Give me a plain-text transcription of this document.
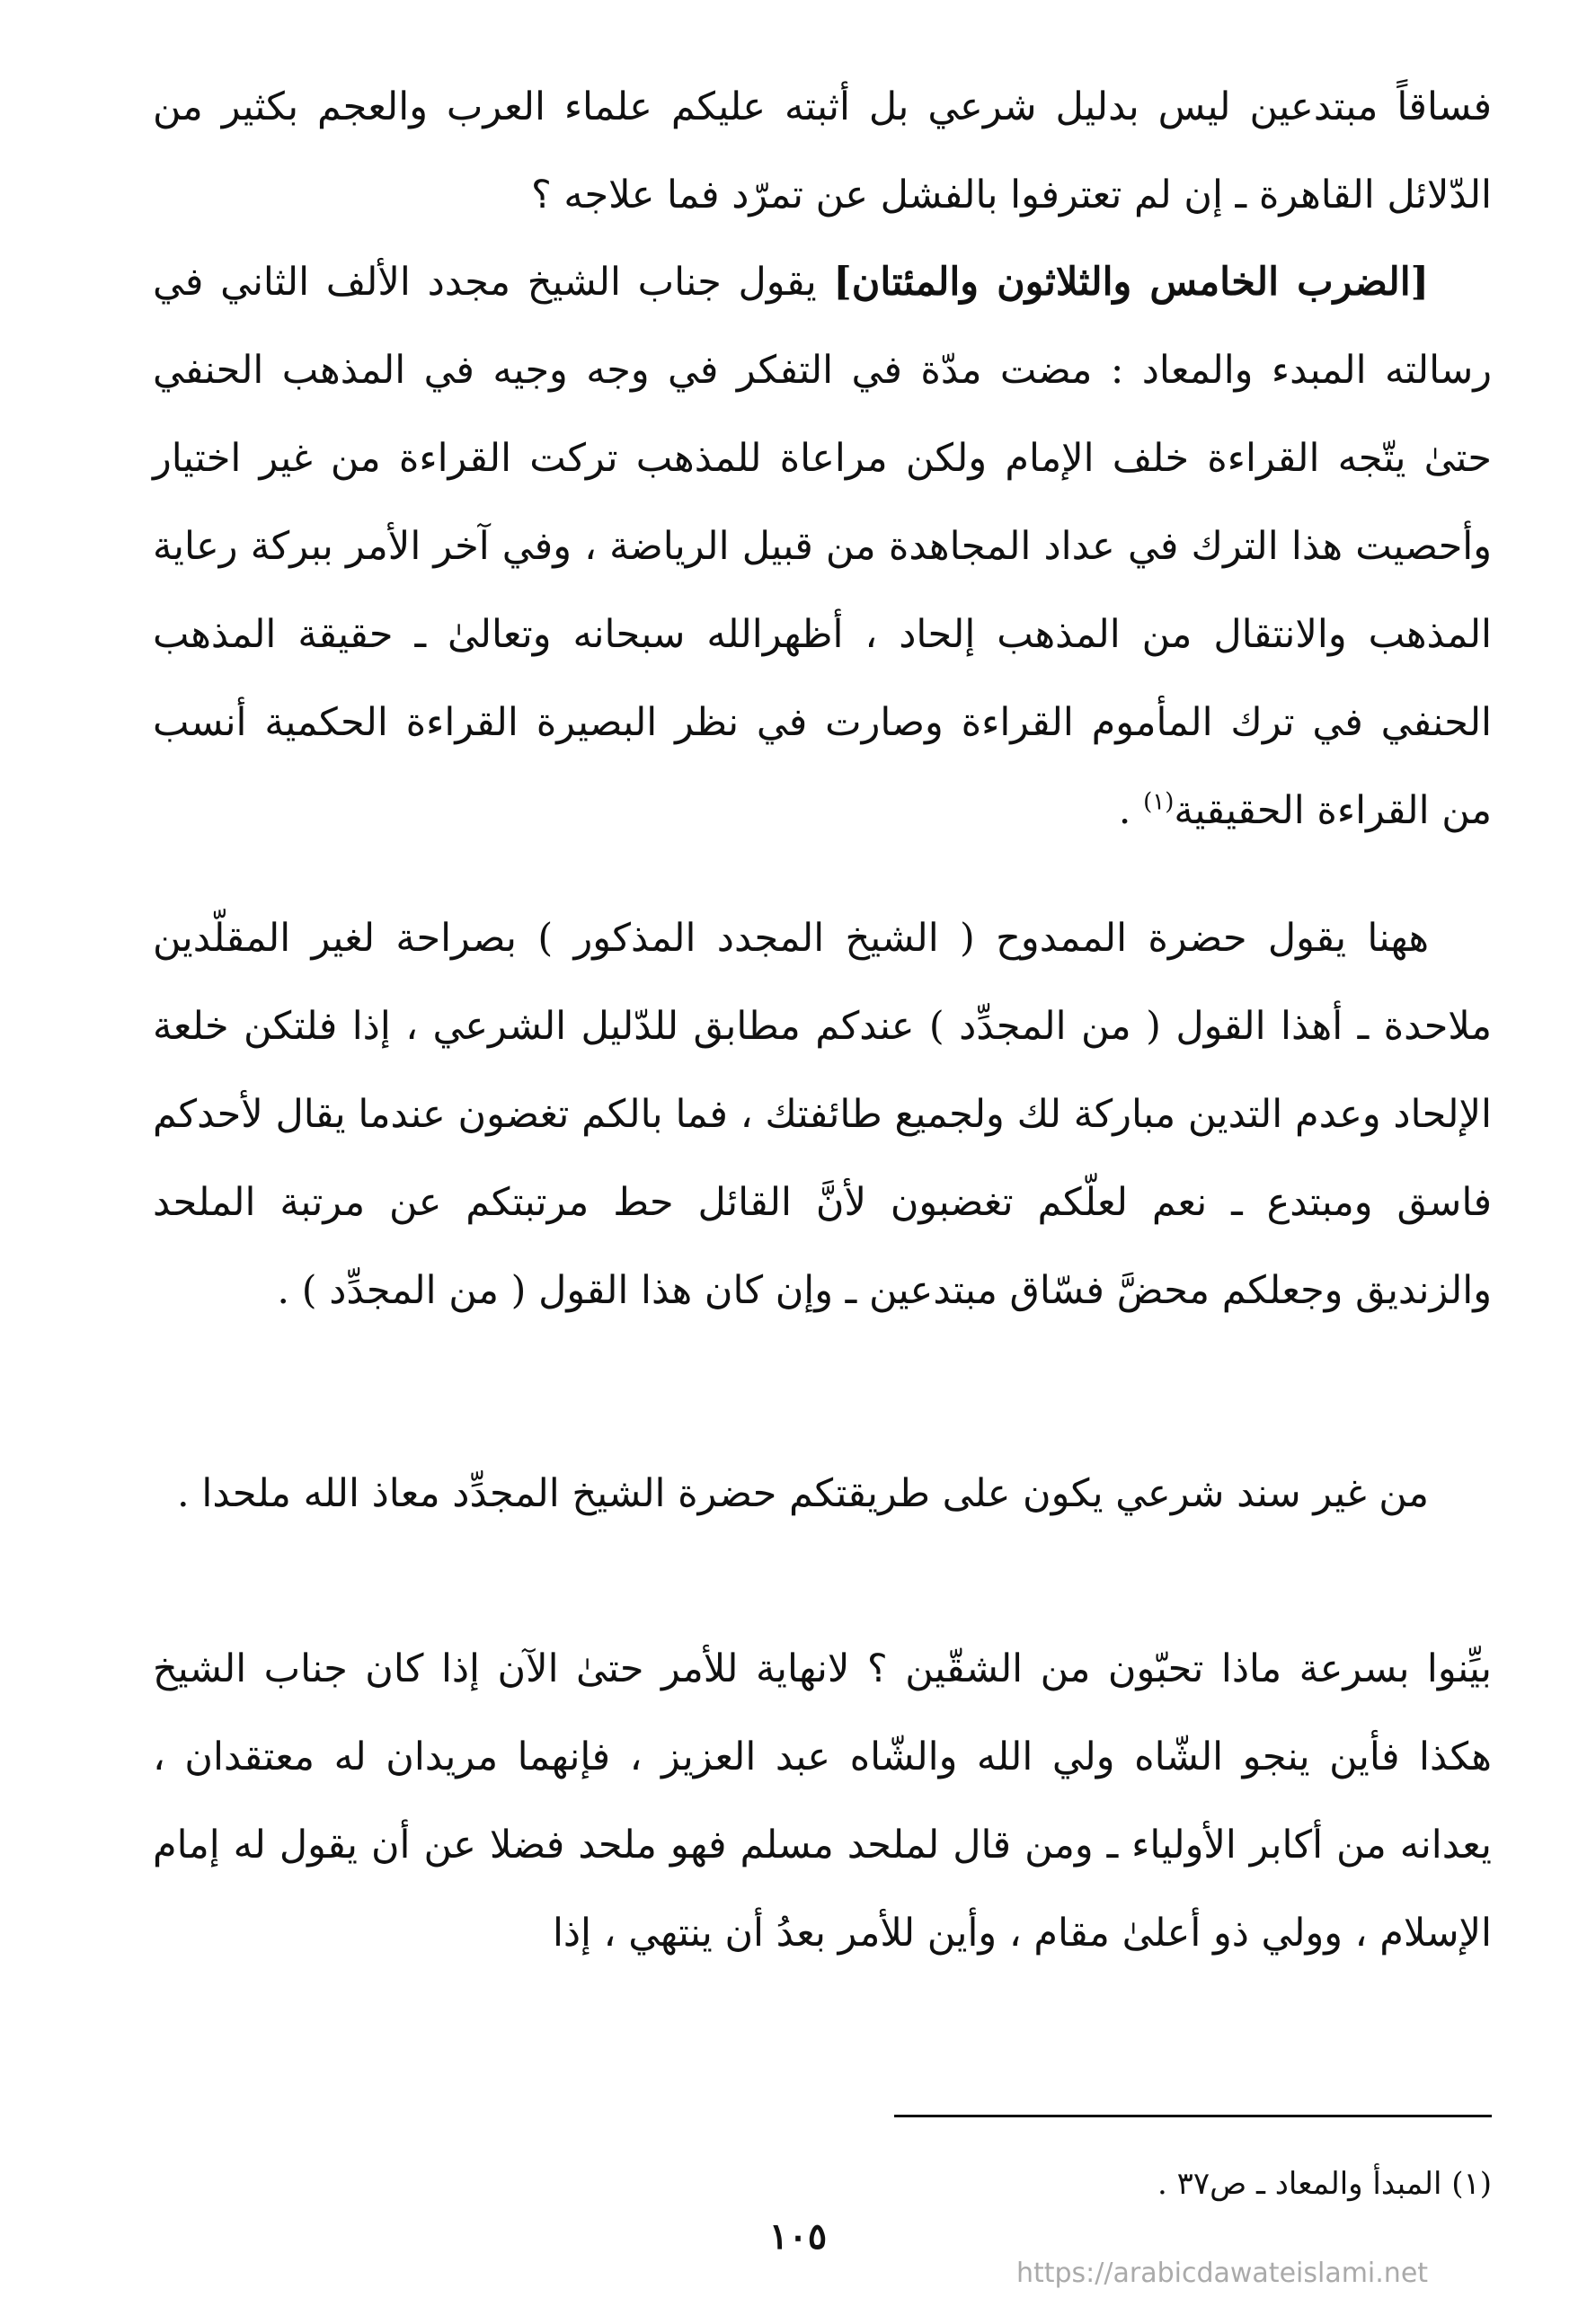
فساقاً مبتدعين ليس بدليل شرعي بل أثبته عليكم علماء العرب والعجم بكثير من الدّلائل القاهرة ـ إن لم تعترفوا بالفشل عن تمرّد فما علاجه ؟
[الضرب الخامس والثلاثون والمئتان] يقول جناب الشيخ مجدد الألف الثاني في رسالته المبدء والمعاد : مضت مدّة في التفكر في وجه وجيه في المذهب الحنفي حتىٰ يتّجه القراءة خلف الإمام ولكن مراعاة للمذهب تركت القراءة من غير اختيار وأحصيت هذا الترك في عداد المجاهدة من قبيل الرياضة ، وفي آخر الأمر ببركة رعاية المذهب والانتقال من المذهب إلحاد ، أظهرالله سبحانه وتعالىٰ ـ حقيقة المذهب الحنفي في ترك المأموم القراءة وصارت في نظر البصيرة القراءة الحكمية أنسب من القراءة الحقيقية$^{(١)}$ .
ههنا يقول حضرة الممدوح ( الشيخ المجدد المذكور ) بصراحة لغير المقلّدين ملاحدة ـ أهذا القول ( من المجدِّد ) عندكم مطابق للدّليل الشرعي ، إذا فلتكن خلعة الإلحاد وعدم التدين مباركة لك ولجميع طائفتك ، فما بالكم تغضون عندما يقال لأحدكم فاسق ومبتدع ـ نعم لعلّكم تغضبون لأنَّ القائل حط مرتبتكم عن مرتبة الملحد والزنديق وجعلكم محضَّ فسّاق مبتدعين ـ وإن كان هذا القول ( من المجدِّد ) .
من غير سند شرعي يكون على طريقتكم حضرة الشيخ المجدِّد معاذ الله ملحدا .
بيِّنوا بسرعة ماذا تحبّون من الشقّين ؟ لانهاية للأمر حتىٰ الآن إذا كان جناب الشيخ هكذا فأين ينجو الشّاه ولي الله والشّاه عبد العزيز ، فإنهما مريدان له معتقدان ، يعدانه من أكابر الأولياء ـ ومن قال لملحد مسلم فهو ملحد فضلا عن أن يقول له إمام الإسلام ، وولي ذو أعلىٰ مقام ، وأين للأمر بعدُ أن ينتهي ، إذا
(١) المبدأ والمعاد ـ ص٣٧ .
١٠٥
https://arabicdawateislami.net
